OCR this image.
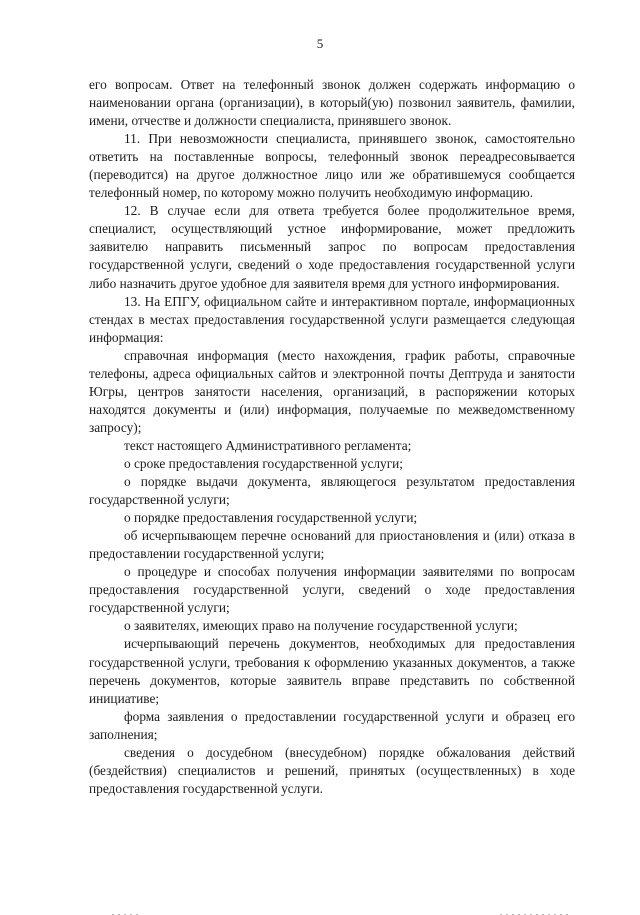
5

его вопросам. Ответ на телефонный звонок должен содержать информацию о наименовании органа (организации), в который(ую) позвонил заявитель, фамилии, имени, отчестве и должности специалиста, принявшего звонок.

11. При невозможности специалиста, принявшего звонок, самостоятельно ответить на поставленные вопросы, телефонный звонок переадресовывается (переводится) на другое должностное лицо или же обратившемуся сообщается телефонный номер, по которому можно получить необходимую информацию.

12. В случае если для ответа требуется более продолжительное время, специалист, осуществляющий устное информирование, может предложить заявителю направить письменный запрос по вопросам предоставления государственной услуги, сведений о ходе предоставления государственной услуги либо назначить другое удобное для заявителя время для устного информирования.

13. На ЕПГУ, официальном сайте и интерактивном портале, информационных стендах в местах предоставления государственной услуги размещается следующая информация:

справочная информация (место нахождения, график работы, справочные телефоны, адреса официальных сайтов и электронной почты Дептруда и занятости Югры, центров занятости населения, организаций, в распоряжении которых находятся документы и (или) информация, получаемые по межведомственному запросу);

текст настоящего Административного регламента;

о сроке предоставления государственной услуги;

о порядке выдачи документа, являющегося результатом предоставления государственной услуги;

о порядке предоставления государственной услуги;

об исчерпывающем перечне оснований для приостановления и (или) отказа в предоставлении государственной услуги;

о процедуре и способах получения информации заявителями по вопросам предоставления государственной услуги, сведений о ходе предоставления государственной услуги;

о заявителях, имеющих право на получение государственной услуги;

исчерпывающий перечень документов, необходимых для предоставления государственной услуги, требования к оформлению указанных документов, а также перечень документов, которые заявитель вправе представить по собственной инициативе;

форма заявления о предоставлении государственной услуги и образец его заполнения;

сведения о досудебном (внесудебном) порядке обжалования действий (бездействия) специалистов и решений, принятых (осуществленных) в ходе предоставления государственной услуги.
